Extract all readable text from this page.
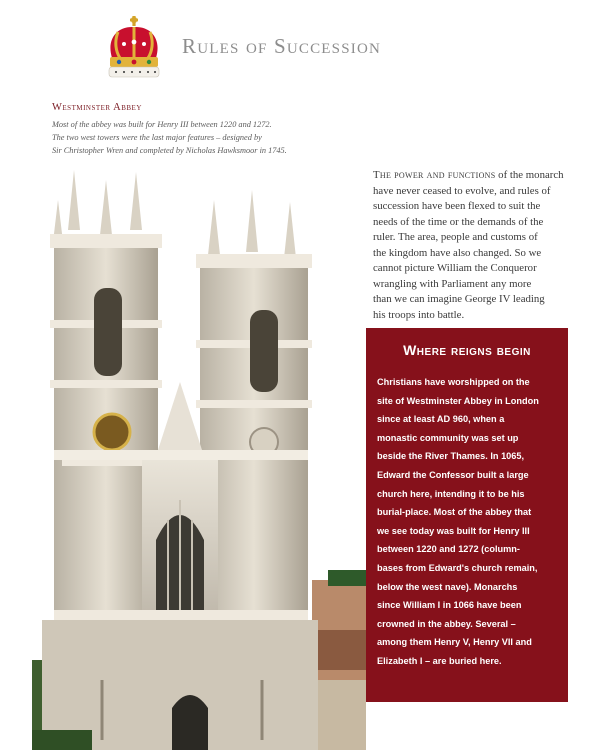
Rules of Succession
Westminster Abbey
Most of the abbey was built for Henry III between 1220 and 1272.
The two west towers were the last major features – designed by
Sir Christopher Wren and completed by Nicholas Hawksmoor in 1745.
The power and functions of the monarch
have never ceased to evolve, and rules of
succession have been flexed to suit the
needs of the time or the demands of the
ruler. The area, people and customs of
the kingdom have also changed. So we
cannot picture William the Conqueror
wrangling with Parliament any more
than we can imagine George IV leading
his troops into battle.
Where reigns begin
Christians have worshipped on the
site of Westminster Abbey in London
since at least AD 960, when a
monastic community was set up
beside the River Thames. In 1065,
Edward the Confessor built a large
church here, intending it to be his
burial-place. Most of the abbey that
we see today was built for Henry III
between 1220 and 1272 (column-
bases from Edward's church remain,
below the west nave). Monarchs
since William I in 1066 have been
crowned in the abbey. Several –
among them Henry V, Henry VII and
Elizabeth I – are buried here.
